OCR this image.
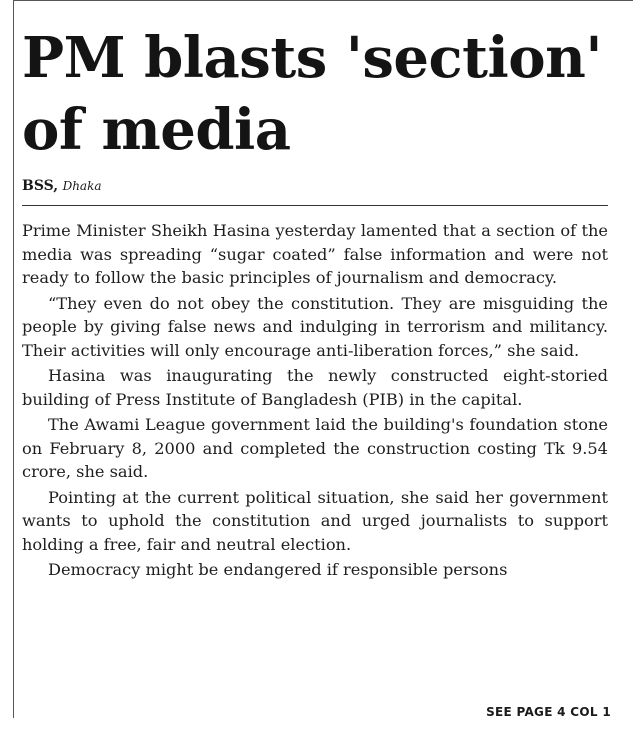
PM blasts 'section'
of media
BSS, Dhaka

Prime Minister Sheikh Hasina yesterday lamented that a section of the media was spreading “sugar coated” false information and were not ready to follow the basic principles of journalism and democracy.

“They even do not obey the constitution. They are misguiding the people by giving false news and indulging in terrorism and militancy. Their activities will only encourage anti-liberation forces,” she said.

Hasina was inaugurating the newly constructed eight-storied building of Press Institute of Bangladesh (PIB) in the capital.

The Awami League government laid the building's foundation stone on February 8, 2000 and completed the construction costing Tk 9.54 crore, she said.

Pointing at the current political situation, she said her government wants to uphold the constitution and urged journalists to support holding a free, fair and neutral election.

Democracy might be endangered if responsible persons

SEE PAGE 4 COL 1
